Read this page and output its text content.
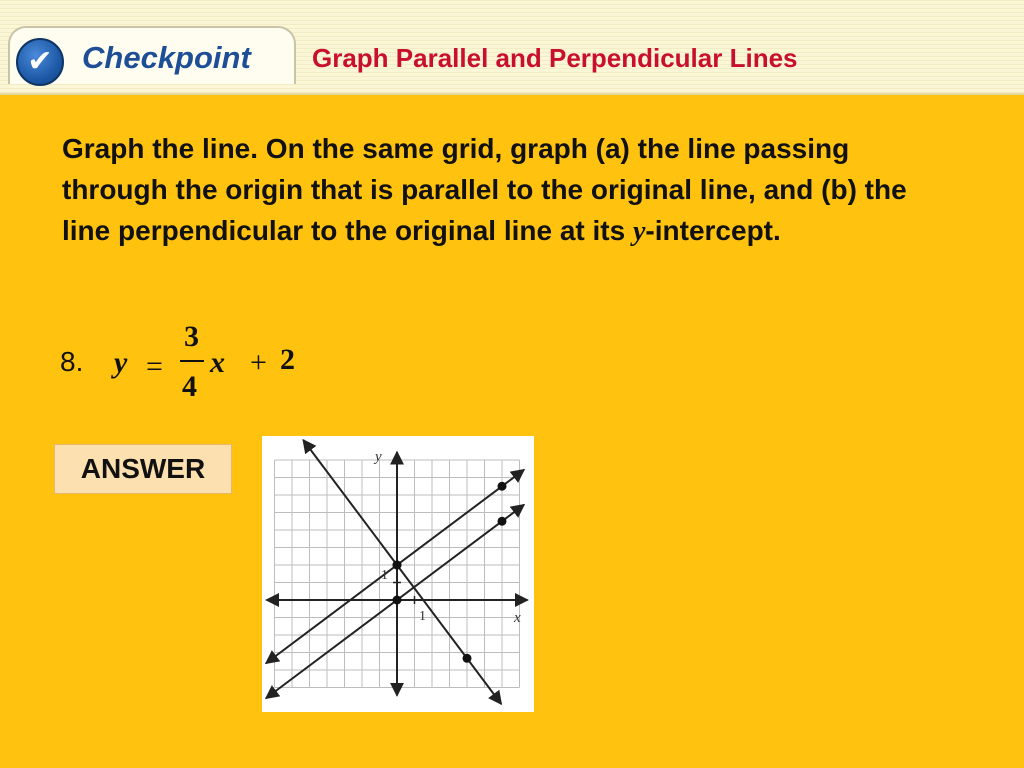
✔ Checkpoint Graph Parallel and Perpendicular Lines
Graph the line. On the same grid, graph (a) the line passing through the origin that is parallel to the original line, and (b) the line perpendicular to the original line at its y-intercept.
8. y =
3
4
x + 2
ANSWER
x
y
1
1
